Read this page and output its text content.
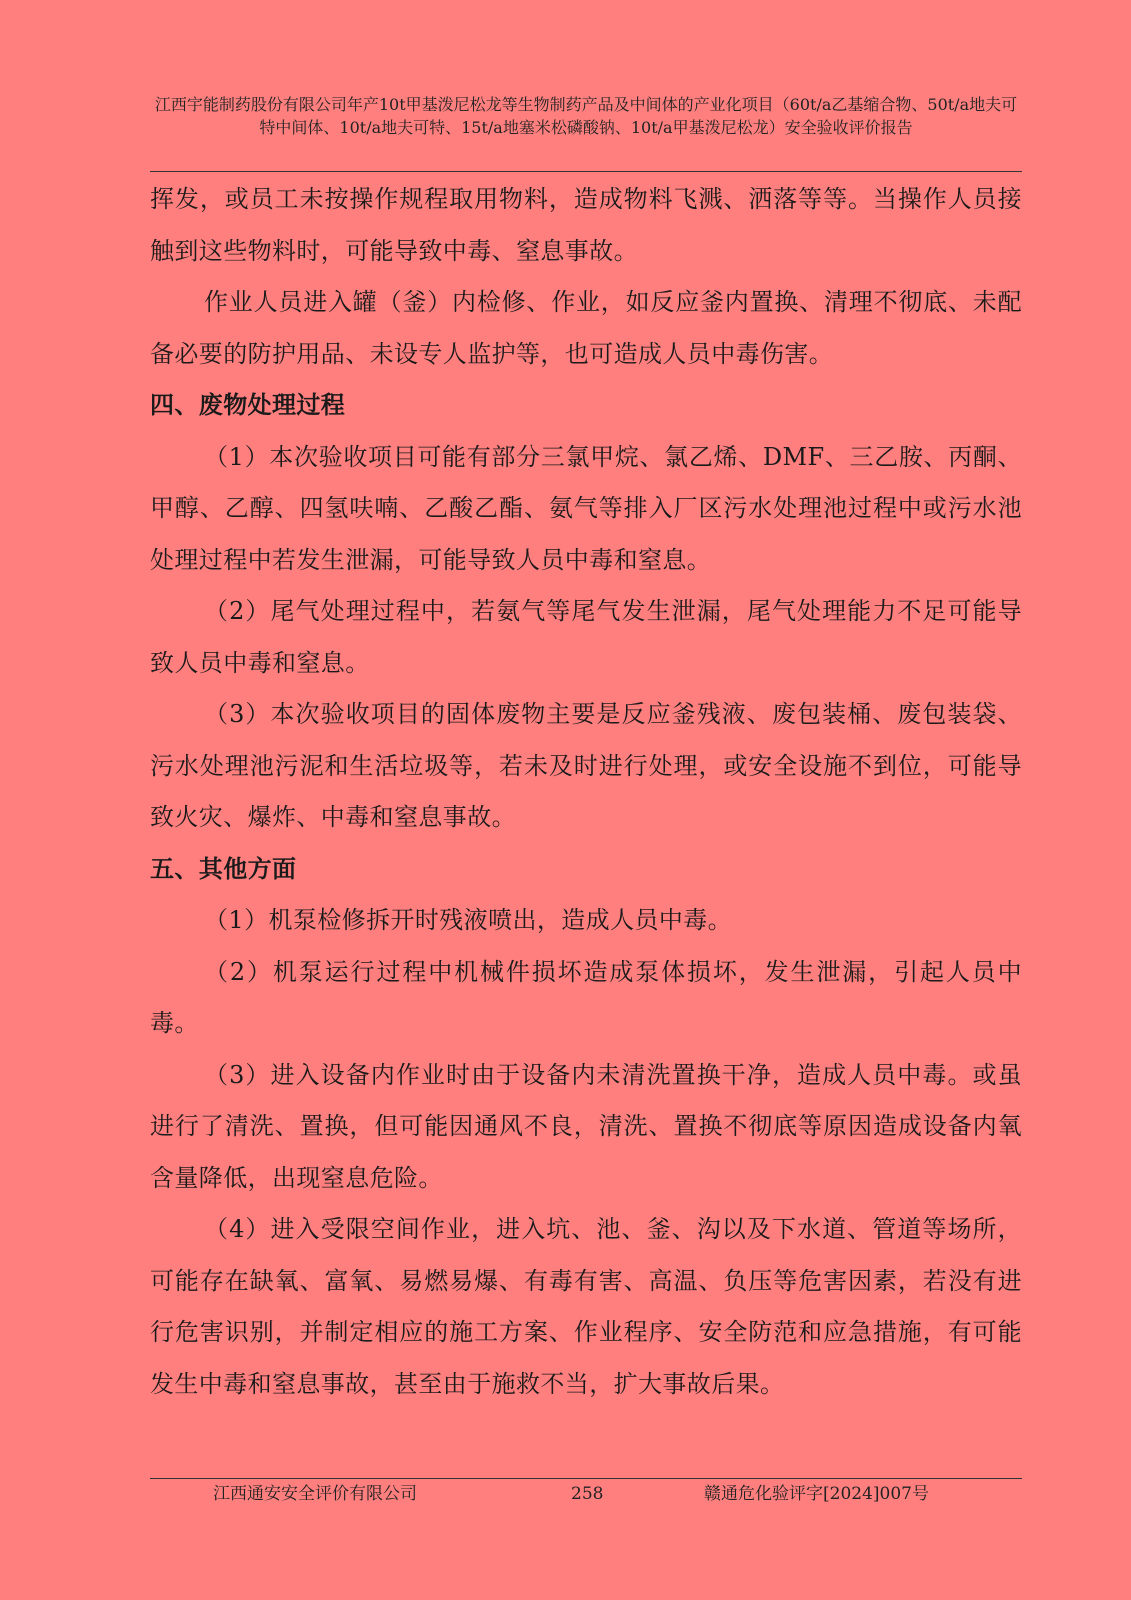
江西宇能制药股份有限公司年产10t甲基泼尼松龙等生物制药产品及中间体的产业化项目（60t/a乙基缩合物、50t/a地夫可特中间体、10t/a地夫可特、15t/a地塞米松磷酸钠、10t/a甲基泼尼松龙）安全验收评价报告

挥发，或员工未按操作规程取用物料，造成物料飞溅、洒落等等。当操作人员接触到这些物料时，可能导致中毒、窒息事故。

作业人员进入罐（釜）内检修、作业，如反应釜内置换、清理不彻底、未配备必要的防护用品、未设专人监护等，也可造成人员中毒伤害。

四、废物处理过程

（1）本次验收项目可能有部分三氯甲烷、氯乙烯、DMF、三乙胺、丙酮、甲醇、乙醇、四氢呋喃、乙酸乙酯、氨气等排入厂区污水处理池过程中或污水池处理过程中若发生泄漏，可能导致人员中毒和窒息。

（2）尾气处理过程中，若氨气等尾气发生泄漏，尾气处理能力不足可能导致人员中毒和窒息。

（3）本次验收项目的固体废物主要是反应釜残液、废包装桶、废包装袋、污水处理池污泥和生活垃圾等，若未及时进行处理，或安全设施不到位，可能导致火灾、爆炸、中毒和窒息事故。

五、其他方面

（1）机泵检修拆开时残液喷出，造成人员中毒。

（2）机泵运行过程中机械件损坏造成泵体损坏，发生泄漏，引起人员中毒。

（3）进入设备内作业时由于设备内未清洗置换干净，造成人员中毒。或虽进行了清洗、置换，但可能因通风不良，清洗、置换不彻底等原因造成设备内氧含量降低，出现窒息危险。

（4）进入受限空间作业，进入坑、池、釜、沟以及下水道、管道等场所，可能存在缺氧、富氧、易燃易爆、有毒有害、高温、负压等危害因素，若没有进行危害识别，并制定相应的施工方案、作业程序、安全防范和应急措施，有可能发生中毒和窒息事故，甚至由于施救不当，扩大事故后果。

江西通安安全评价有限公司	258	赣通危化验评字[2024]007号
